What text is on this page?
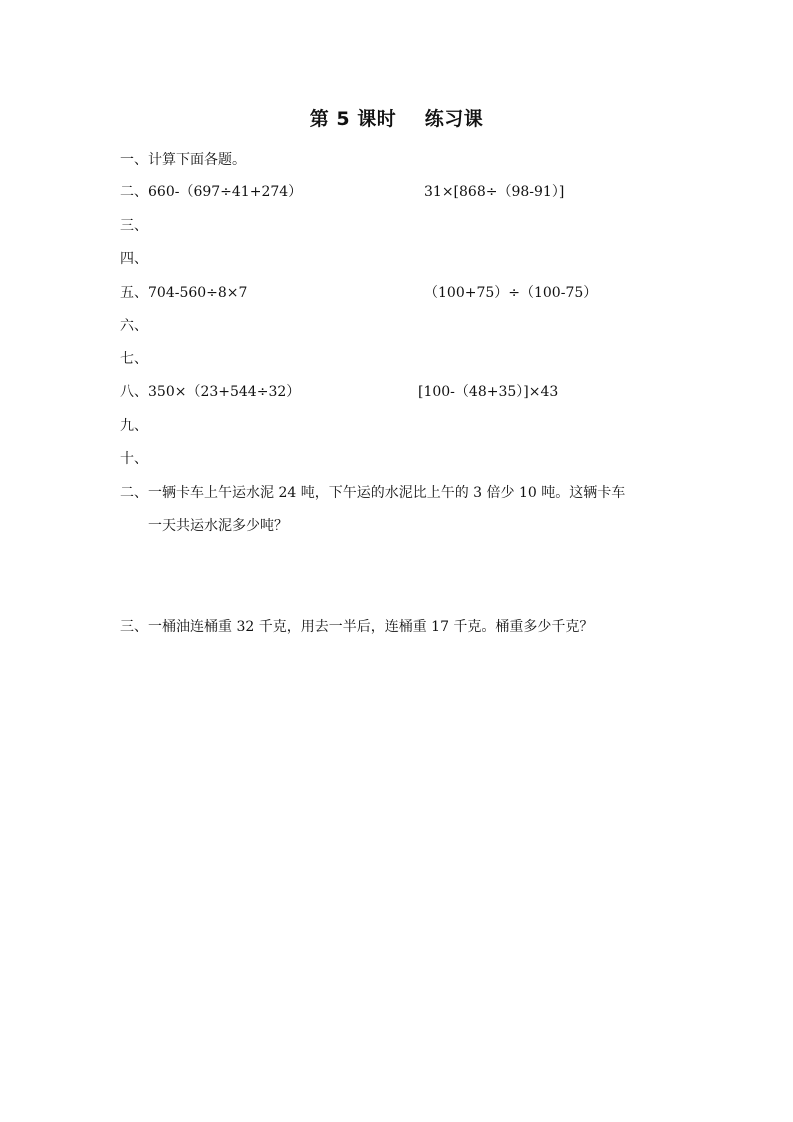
第 5 课时    练习课
一、计算下面各题。
二、660-（697÷41+274）	31×[868÷（98-91）]
三、
四、
五、704-560÷8×7	（100+75）÷（100-75）
六、
七、
八、350×（23+544÷32）	[100-（48+35）]×43
九、
十、
二、一辆卡车上午运水泥 24 吨，下午运的水泥比上午的 3 倍少 10 吨。这辆卡车
一天共运水泥多少吨？
三、一桶油连桶重 32 千克，用去一半后，连桶重 17 千克。桶重多少千克？
